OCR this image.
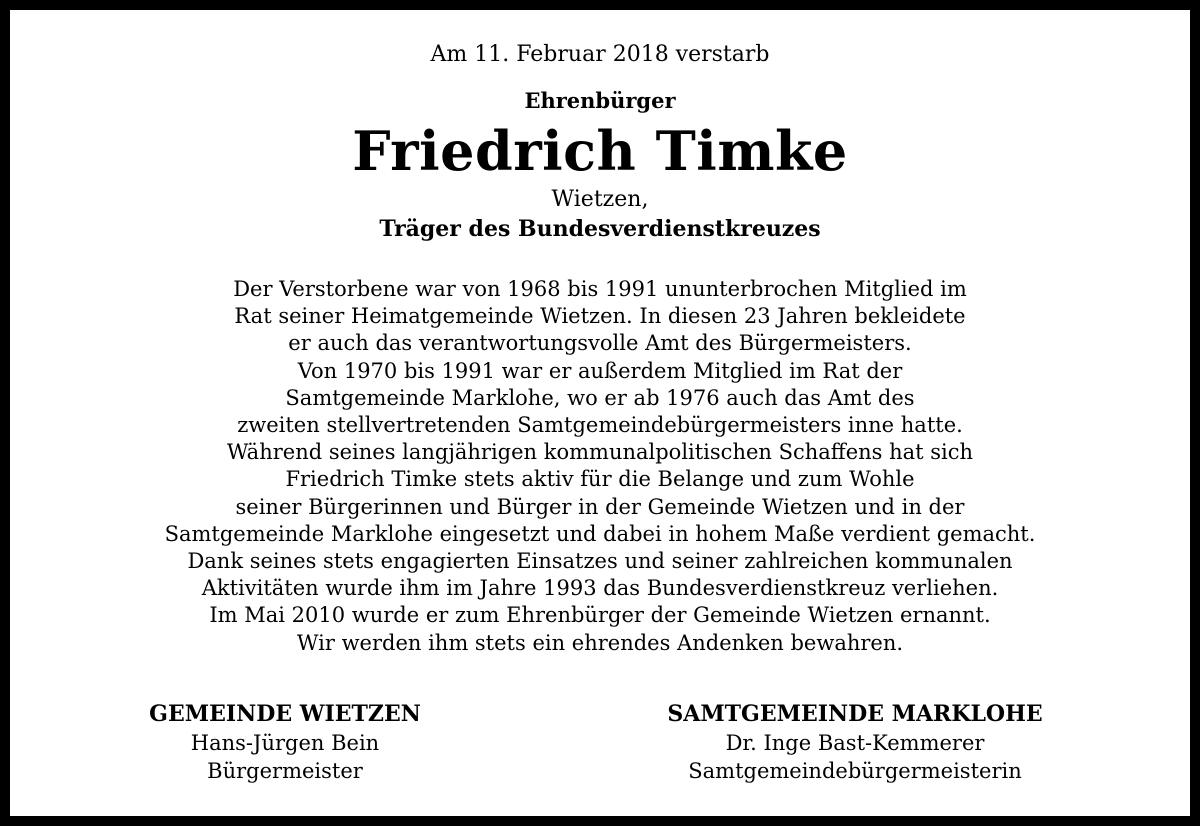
Am 11. Februar 2018 verstarb
Ehrenbürger
Friedrich Timke
Wietzen,
Träger des Bundesverdienstkreuzes
Der Verstorbene war von 1968 bis 1991 ununterbrochen Mitglied im
Rat seiner Heimatgemeinde Wietzen. In diesen 23 Jahren bekleidete
er auch das verantwortungsvolle Amt des Bürgermeisters.
Von 1970 bis 1991 war er außerdem Mitglied im Rat der
Samtgemeinde Marklohe, wo er ab 1976 auch das Amt des
zweiten stellvertretenden Samtgemeindebürgermeisters inne hatte.
Während seines langjährigen kommunalpolitischen Schaffens hat sich
Friedrich Timke stets aktiv für die Belange und zum Wohle
seiner Bürgerinnen und Bürger in der Gemeinde Wietzen und in der
Samtgemeinde Marklohe eingesetzt und dabei in hohem Maße verdient gemacht.
Dank seines stets engagierten Einsatzes und seiner zahlreichen kommunalen
Aktivitäten wurde ihm im Jahre 1993 das Bundesverdienstkreuz verliehen.
Im Mai 2010 wurde er zum Ehrenbürger der Gemeinde Wietzen ernannt.
Wir werden ihm stets ein ehrendes Andenken bewahren.
GEMEINDE WIETZEN
Hans-Jürgen Bein
Bürgermeister
SAMTGEMEINDE MARKLOHE
Dr. Inge Bast-Kemmerer
Samtgemeindebürgermeisterin
